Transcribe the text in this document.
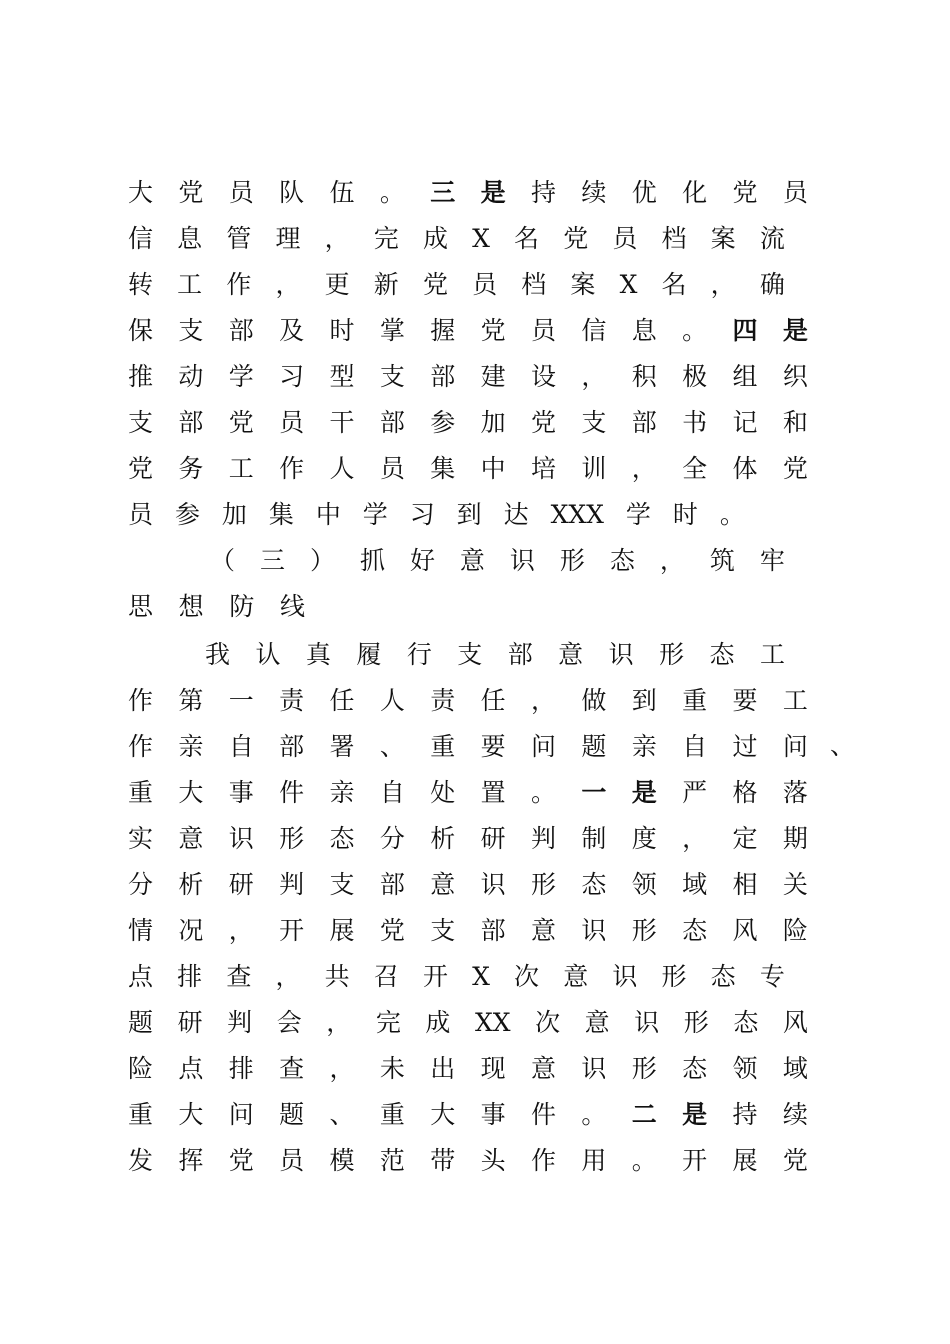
大 党 员 队 伍 。 三 是 持 续 优 化 党 员
信 息 管 理 ， 完 成 X 名 党 员 档 案 流
转 工 作 ， 更 新 党 员 档 案 X 名 ， 确
保 支 部 及 时 掌 握 党 员 信 息 。 四 是
推 动 学 习 型 支 部 建 设 ， 积 极 组 织
支 部 党 员 干 部 参 加 党 支 部 书 记 和
党 务 工 作 人 员 集 中 培 训 ， 全 体 党
员 参 加 集 中 学 习 到 达 XXX 学 时 。
（ 三 ） 抓 好 意 识 形 态 ， 筑 牢
思 想 防 线
我 认 真 履 行 支 部 意 识 形 态 工
作 第 一 责 任 人 责 任 ， 做 到 重 要 工
作 亲 自 部 署 、 重 要 问 题 亲 自 过 问
重 大 事 件 亲 自 处 置 。 一 是 严 格 落
实 意 识 形 态 分 析 研 判 制 度 ， 定 期
分 析 研 判 支 部 意 识 形 态 领 域 相 关
情 况 ， 开 展 党 支 部 意 识 形 态 风 险
点 排 查 ， 共 召 开 X 次 意 识 形 态 专
题 研 判 会 ， 完 成 XX 次 意 识 形 态 风
险 点 排 查 ， 未 出 现 意 识 形 态 领 域
重 大 问 题 、 重 大 事 件 。 二 是 持 续
发 挥 党 员 模 范 带 头 作 用 。 开 展 党
、
